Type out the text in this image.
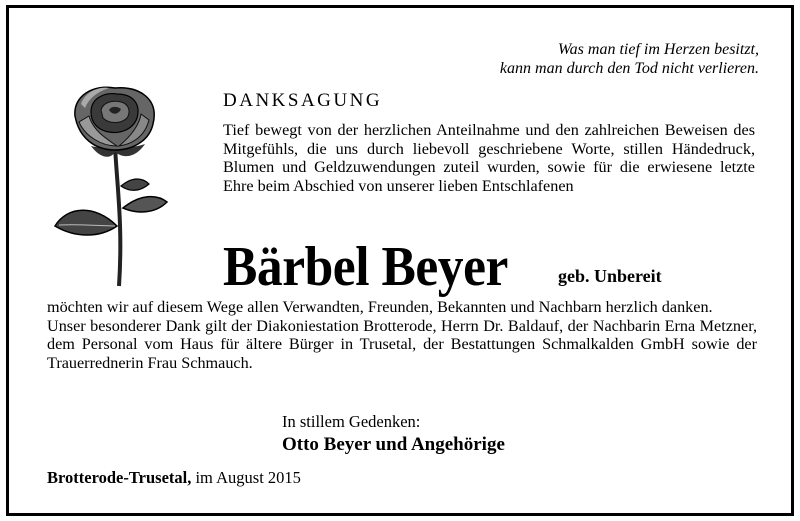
Was man tief im Herzen besitzt,
kann man durch den Tod nicht verlieren.
DANKSAGUNG
Tief bewegt von der herzlichen Anteilnahme und den zahlreichen Beweisen des Mitgefühls, die uns durch liebevoll geschriebene Worte, stillen Händedruck, Blumen und Geldzuwendungen zuteil wurden, sowie für die erwiesene letzte Ehre beim Abschied von unserer lieben Entschlafenen
Bärbel Beyer	geb. Unbereit
möchten wir auf diesem Wege allen Verwandten, Freunden, Bekannten und Nachbarn herzlich danken.
Unser besonderer Dank gilt der Diakoniestation Brotterode, Herrn Dr. Baldauf, der Nachbarin Erna Metzner, dem Personal vom Haus für ältere Bürger in Trusetal, der Bestattungen Schmalkalden GmbH sowie der Trauerrednerin Frau Schmauch.
In stillem Gedenken:
Otto Beyer und Angehörige
Brotterode-Trusetal, im August 2015
